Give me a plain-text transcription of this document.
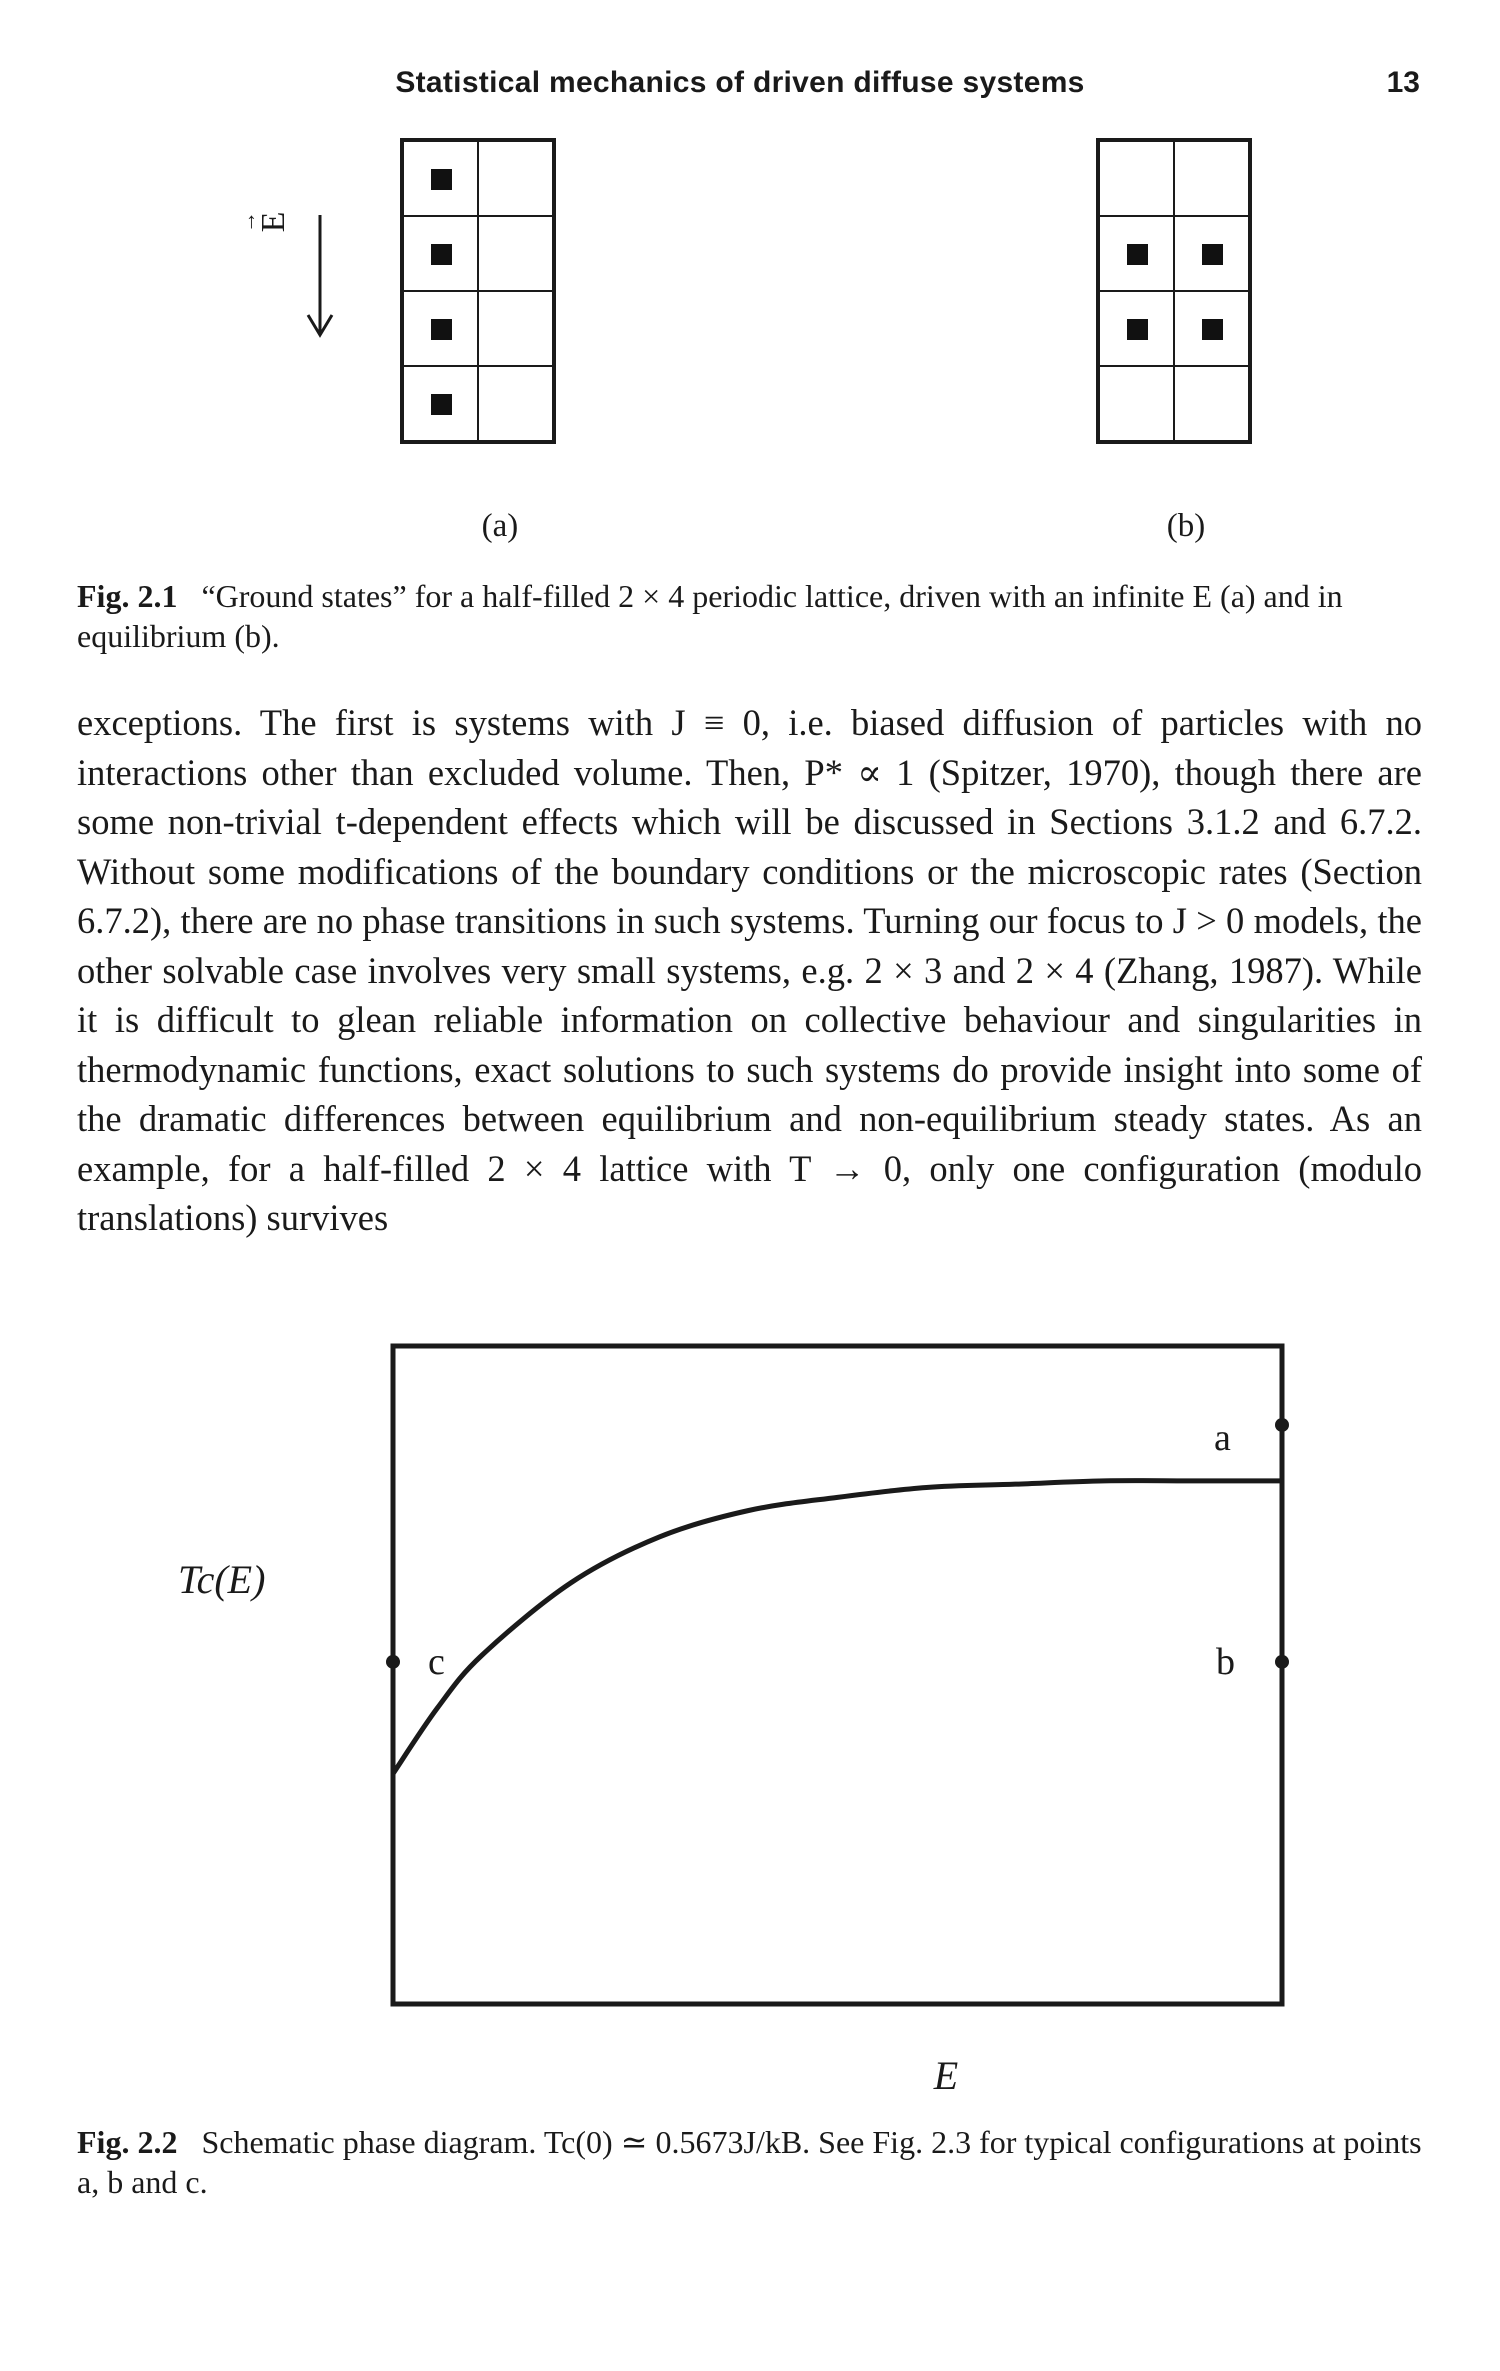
Statistical mechanics of driven diffuse systems	13
→
E
(a)	(b)
Fig. 2.1 “Ground states” for a half-filled 2 × 4 periodic lattice, driven with an infinite E (a) and in equilibrium (b).

exceptions. The first is systems with J ≡ 0, i.e. biased diffusion of particles with no interactions other than excluded volume. Then, P* ∝ 1 (Spitzer, 1970), though there are some non-trivial t-dependent effects which will be discussed in Sections 3.1.2 and 6.7.2. Without some modifications of the boundary conditions or the microscopic rates (Section 6.7.2), there are no phase transitions in such systems. Turning our focus to J > 0 models, the other solvable case involves very small systems, e.g. 2 × 3 and 2 × 4 (Zhang, 1987). While it is difficult to glean reliable information on collective behaviour and singularities in thermodynamic functions, exact solutions to such systems do provide insight into some of the dramatic differences between equilibrium and non-equilibrium steady states. As an example, for a half-filled 2 × 4 lattice with T → 0, only one configuration (modulo translations) survives

Tc(E)
E
a
b
c
Fig. 2.2 Schematic phase diagram. Tc(0) ≃ 0.5673J/kB. See Fig. 2.3 for typical configurations at points a, b and c.
